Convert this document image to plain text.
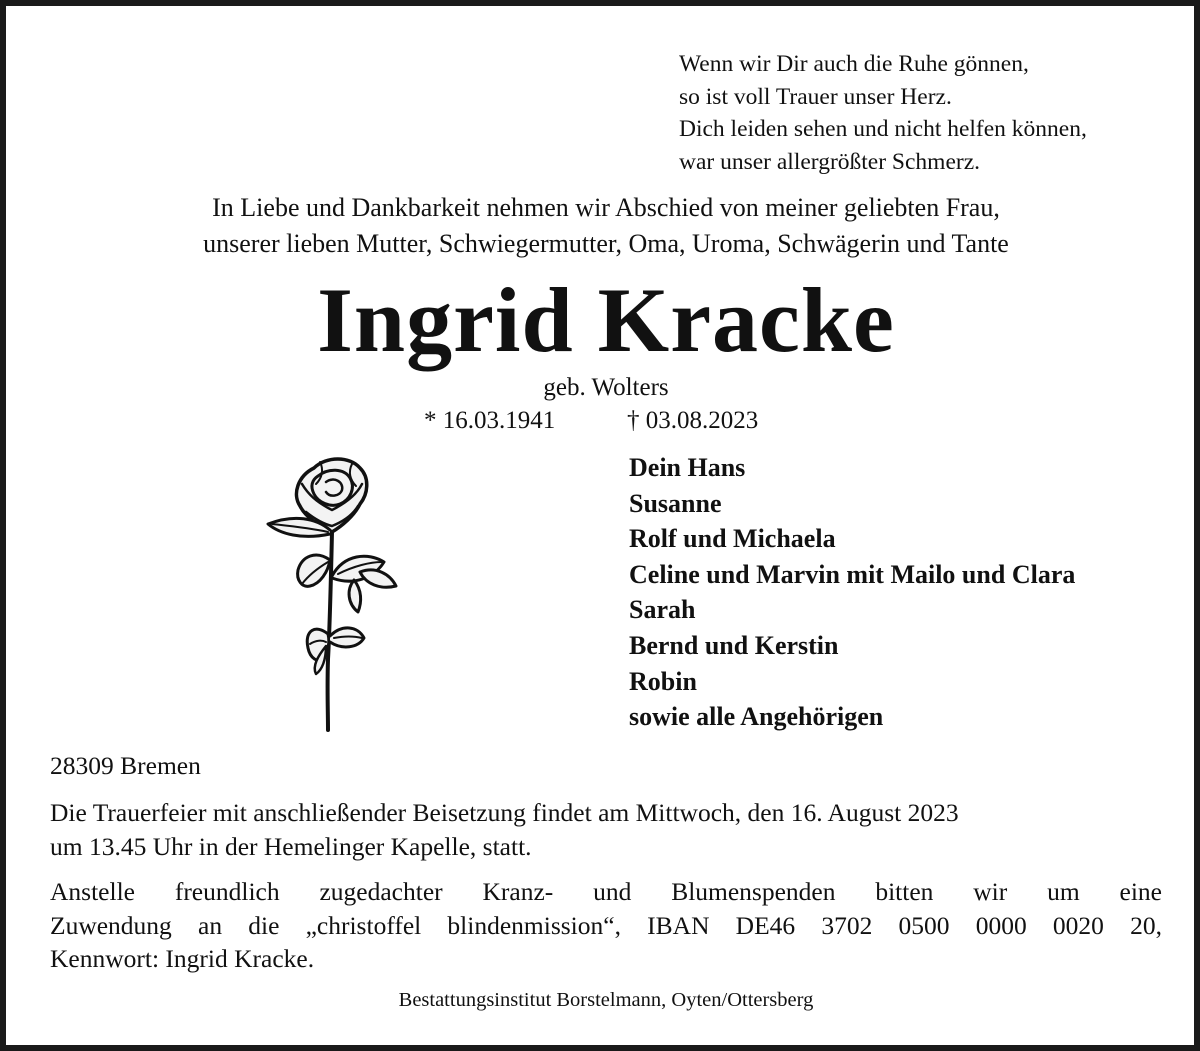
Wenn wir Dir auch die Ruhe gönnen,
so ist voll Trauer unser Herz.
Dich leiden sehen und nicht helfen können,
war unser allergrößter Schmerz.
In Liebe und Dankbarkeit nehmen wir Abschied von meiner geliebten Frau,
unserer lieben Mutter, Schwiegermutter, Oma, Uroma, Schwägerin und Tante
Ingrid Kracke
geb. Wolters
* 16.03.1941	† 03.08.2023
Dein Hans
Susanne
Rolf und Michaela
Celine und Marvin mit Mailo und Clara
Sarah
Bernd und Kerstin
Robin
sowie alle Angehörigen
28309 Bremen
Die Trauerfeier mit anschließender Beisetzung findet am Mittwoch, den 16. August 2023
um 13.45 Uhr in der Hemelinger Kapelle, statt.
Anstelle freundlich zugedachter Kranz- und Blumenspenden bitten wir um eine
Zuwendung an die „christoffel blindenmission“, IBAN DE46 3702 0500 0000 0020 20,
Kennwort: Ingrid Kracke.
Bestattungsinstitut Borstelmann, Oyten/Ottersberg
